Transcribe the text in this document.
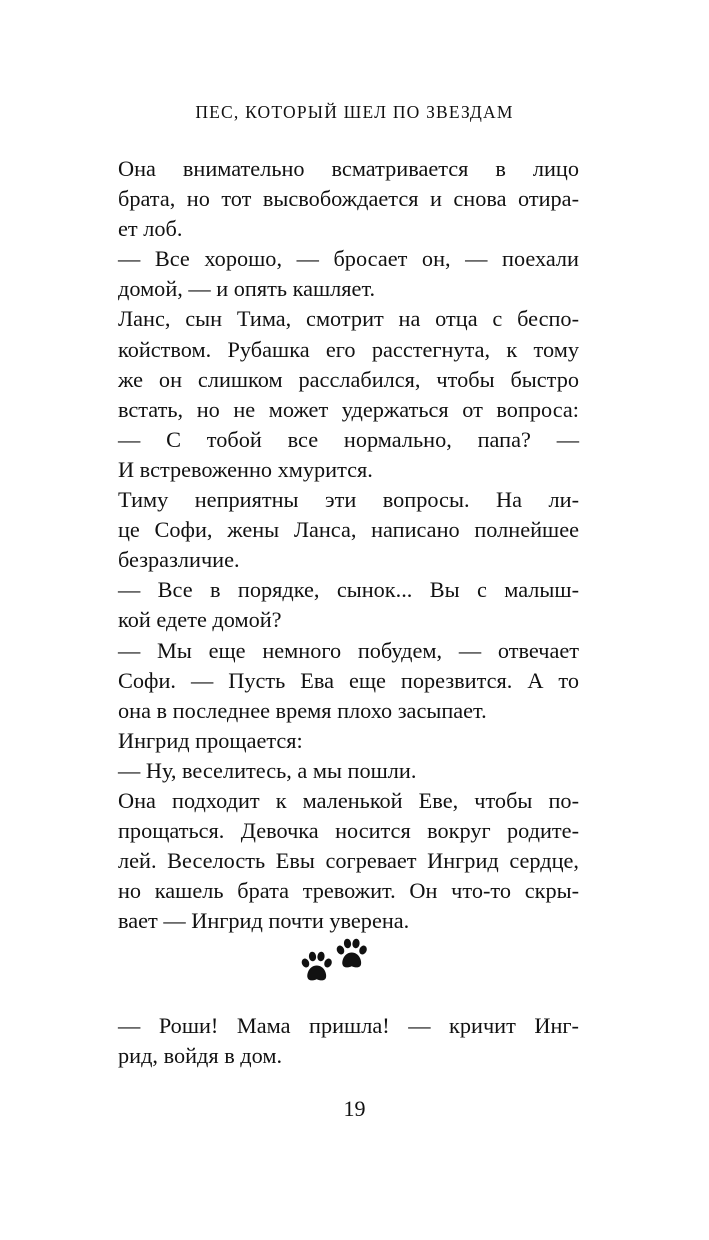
ПЕС, КОТОРЫЙ ШЕЛ ПО ЗВЕЗДАМ
Она внимательно всматривается в лицо
брата, но тот высвобождается и снова отира-
ет лоб.
— Все хорошо, — бросает он, — поехали
домой, — и опять кашляет.
Ланс, сын Тима, смотрит на отца с беспо-
койством. Рубашка его расстегнута, к тому
же он слишком расслабился, чтобы быстро
встать, но не может удержаться от вопроса:
— С тобой все нормально, папа? —
И встревоженно хмурится.
Тиму неприятны эти вопросы. На ли-
це Софи, жены Ланса, написано полнейшее
безразличие.
— Все в порядке, сынок... Вы с малыш-
кой едете домой?
— Мы еще немного побудем, — отвечает
Софи. — Пусть Ева еще порезвится. А то
она в последнее время плохо засыпает.
Ингрид прощается:
— Ну, веселитесь, а мы пошли.
Она подходит к маленькой Еве, чтобы по-
прощаться. Девочка носится вокруг родите-
лей. Веселость Евы согревает Ингрид сердце,
но кашель брата тревожит. Он что-то скры-
вает — Ингрид почти уверена.
— Роши! Мама пришла! — кричит Инг-
рид, войдя в дом.
19
